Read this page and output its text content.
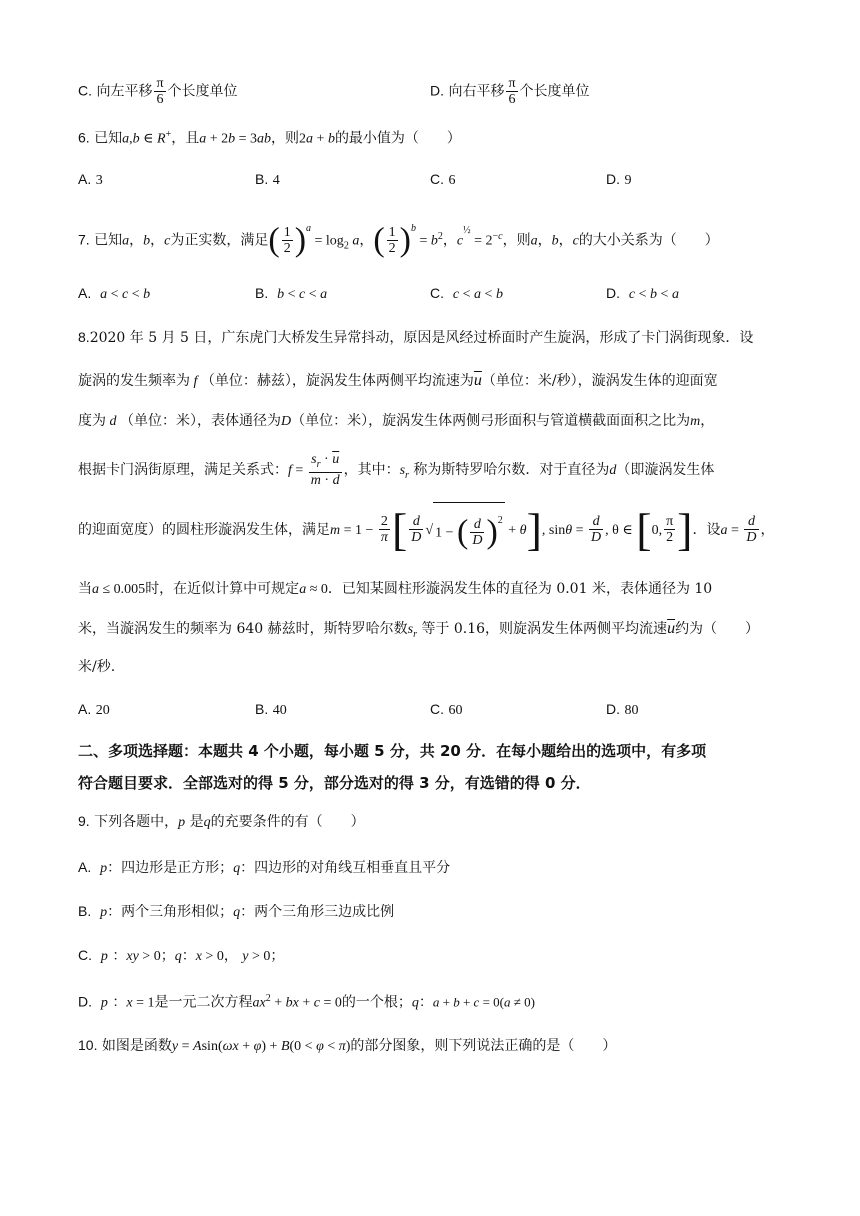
C. 向左平移 $\frac{\pi}{6}$ 个长度单位	D. 向右平移 $\frac{\pi}{6}$ 个长度单位
6. 已知a,b ∈ R+，且a + 2b = 3ab，则2a + b的最小值为（　　）
A. 3	B. 4	C. 6	D. 9
7. 已知a，b，c为正实数，满足( $\frac{1}{2} )^a = \log_2 a$，( $\frac{1}{2} )^b = b^2$，$c^{\frac{1}{2}} = 2^{-c}$，则a，b，c的大小关系为（　　）
A. a < c < b	B. b < c < a	C. c < a < b	D. c < b < a
8.2020 年 5 月 5 日，广东虎门大桥发生异常抖动，原因是风经过桥面时产生旋涡，形成了卡门涡街现象．设
旋涡的发生频率为 f （单位：赫兹），旋涡发生体两侧平均流速为$\overline{u}$（单位：米/秒），漩涡发生体的迎面宽
度为 d （单位：米），表体通径为D（单位：米），旋涡发生体两侧弓形面积与管道横截面面积之比为m，
根据卡门涡街原理，满足关系式：$f = \frac{s_r \cdot \overline{u}}{m \cdot d}$ ，其中：$s_r$ 称为斯特罗哈尔数．对于直径为d（即漩涡发生体
的迎面宽度）的圆柱形漩涡发生体，满足$m = 1 - \frac{2}{\pi}$ [ $\frac{d}{D}$ √ 1 − ( $\frac{d}{D} )^2 + \theta$], $\sin\theta = \frac{d}{D}$ , θ ∈ [0, $\frac{\pi}{2}$ ]．设$a = \frac{d}{D}$ ，
当a ≤ 0.005时，在近似计算中可规定a ≈ 0．已知某圆柱形漩涡发生体的直径为 0.01 米，表体通径为 10
米，当漩涡发生的频率为 640 赫兹时，斯特罗哈尔数$s_r$ 等于 0.16，则旋涡发生体两侧平均流速$\overline{u}$约为（　　）
米/秒.
A. 20	B. 40	C. 60	D. 80
二、多项选择题：本题共 4 个小题，每小题 5 分，共 20 分．在每小题给出的选项中，有多项
符合题目要求．全部选对的得 5 分，部分选对的得 3 分，有选错的得 0 分．
9. 下列各题中，p 是q的充要条件的有（　　）
A. p：四边形是正方形；q：四边形的对角线互相垂直且平分
B. p：两个三角形相似；q：两个三角形三边成比例
C. p ：xy > 0；q：x > 0， y > 0；
D. p ：x = 1是一元二次方程$ax^2$ + bx + c = 0的一个根；q：a + b + c = 0(a ≠ 0)
10. 如图是函数y = Asin(ωx + φ) + B(0 < φ < π)的部分图象，则下列说法正确的是（　　）
